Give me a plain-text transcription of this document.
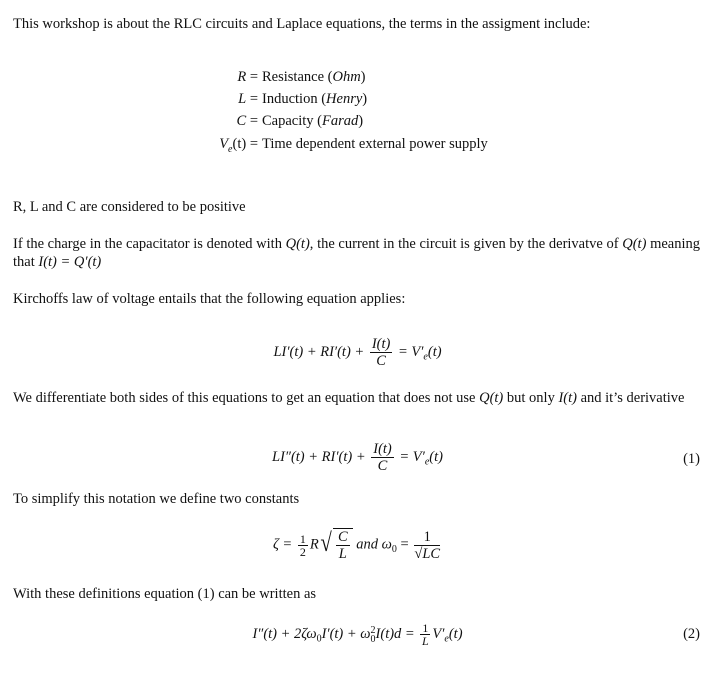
This workshop is about the RLC circuits and Laplace equations, the terms in the assigment include:
R = Resistance (Ohm)
L = Induction (Henry)
C = Capacity (Farad)
$V_e(t)$ = Time dependent external power supply
R, L and C are considered to be positive
If the charge in the capacitator is denoted with Q(t), the current in the circuit is given by the derivatve of Q(t) meaning that I(t) = Q′(t)
Kirchoffs law of voltage entails that the following equation applies:
$LI'(t) + RI'(t) + \frac{I(t)}{C} = V'_e(t)$
We differentiate both sides of this equations to get an equation that does not use Q(t) but only I(t) and it’s derivative
$LI''(t) + RI'(t) + \frac{I(t)}{C} = V'_e(t)$	(1)
To simplify this notation we define two constants
$\zeta = \frac{1}{2}$ R √ $\frac{C}{L}$ and $\omega_0 = \frac{1}{√LC}$
With these definitions equation (1) can be written as
$I''(t) + 2\zeta\omega_0I'(t) + \omega$ 2
0 $I(t)d = \frac{1}{L} V'_e(t)$	(2)
